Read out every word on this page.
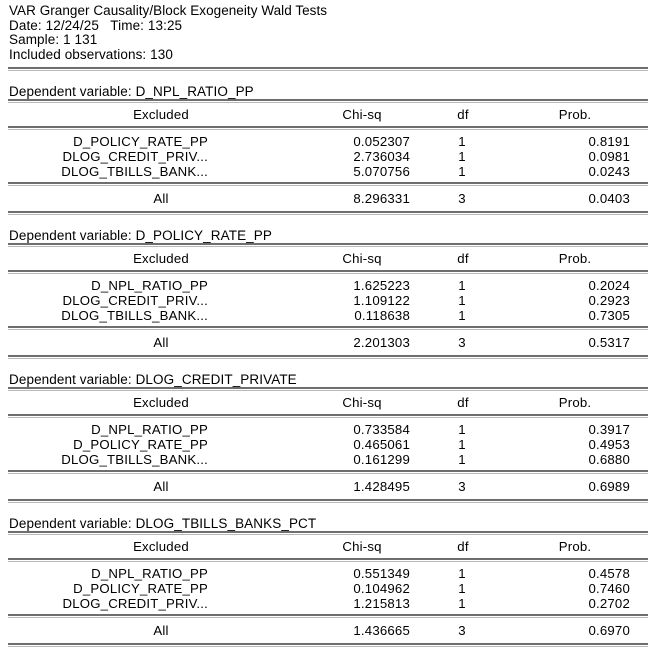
VAR Granger Causality/Block Exogeneity Wald Tests
Date: 12/24/25 Time: 13:25
Sample: 1 131
Included observations: 130
Dependent variable: D_NPL_RATIO_PP
Excluded	Chi-sq	df	Prob.
D_POLICY_RATE_PP	0.052307	1	0.8191
DLOG_CREDIT_PRIV...	2.736034	1	0.0981
DLOG_TBILLS_BANK...	5.070756	1	0.0243
All	8.296331	3	0.0403
Dependent variable: D_POLICY_RATE_PP
Excluded	Chi-sq	df	Prob.
D_NPL_RATIO_PP	1.625223	1	0.2024
DLOG_CREDIT_PRIV...	1.109122	1	0.2923
DLOG_TBILLS_BANK...	0.118638	1	0.7305
All	2.201303	3	0.5317
Dependent variable: DLOG_CREDIT_PRIVATE
Excluded	Chi-sq	df	Prob.
D_NPL_RATIO_PP	0.733584	1	0.3917
D_POLICY_RATE_PP	0.465061	1	0.4953
DLOG_TBILLS_BANK...	0.161299	1	0.6880
All	1.428495	3	0.6989
Dependent variable: DLOG_TBILLS_BANKS_PCT
Excluded	Chi-sq	df	Prob.
D_NPL_RATIO_PP	0.551349	1	0.4578
D_POLICY_RATE_PP	0.104962	1	0.7460
DLOG_CREDIT_PRIV...	1.215813	1	0.2702
All	1.436665	3	0.6970
